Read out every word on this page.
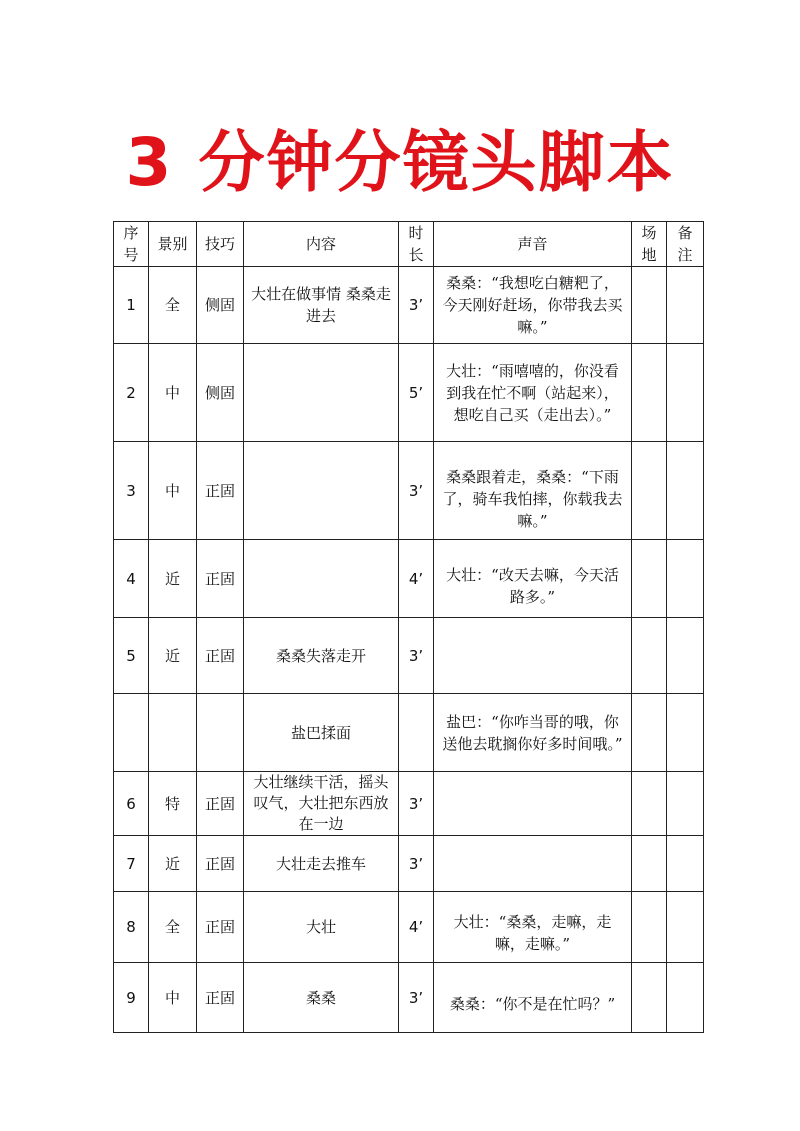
3 分钟分镜头脚本
序号	景别	技巧	内容	时长	声音	场地	备注
1	全	侧固	大壮在做事情 桑桑走进去	3’	桑桑：“我想吃白糖粑了，今天刚好赶场，你带我去买嘛。”		
2	中	侧固		5’	大壮：“雨嘻嘻的，你没看到我在忙不啊（站起来），想吃自己买（走出去）。”		
3	中	正固		3’	桑桑跟着走，桑桑：“下雨了，骑车我怕摔，你载我去嘛。”		
4	近	正固		4’	大壮：“改天去嘛，今天活路多。”		
5	近	正固	桑桑失落走开	3’			
			盐巴揉面		盐巴：“你咋当哥的哦，你送他去耽搁你好多时间哦。”		
6	特	正固	大壮继续干活，摇头叹气，大壮把东西放在一边	3’			
7	近	正固	大壮走去推车	3’			
8	全	正固	大壮	4’	大壮：“桑桑，走嘛，走嘛，走嘛。”		
9	中	正固	桑桑	3’	桑桑：“你不是在忙吗？”		
